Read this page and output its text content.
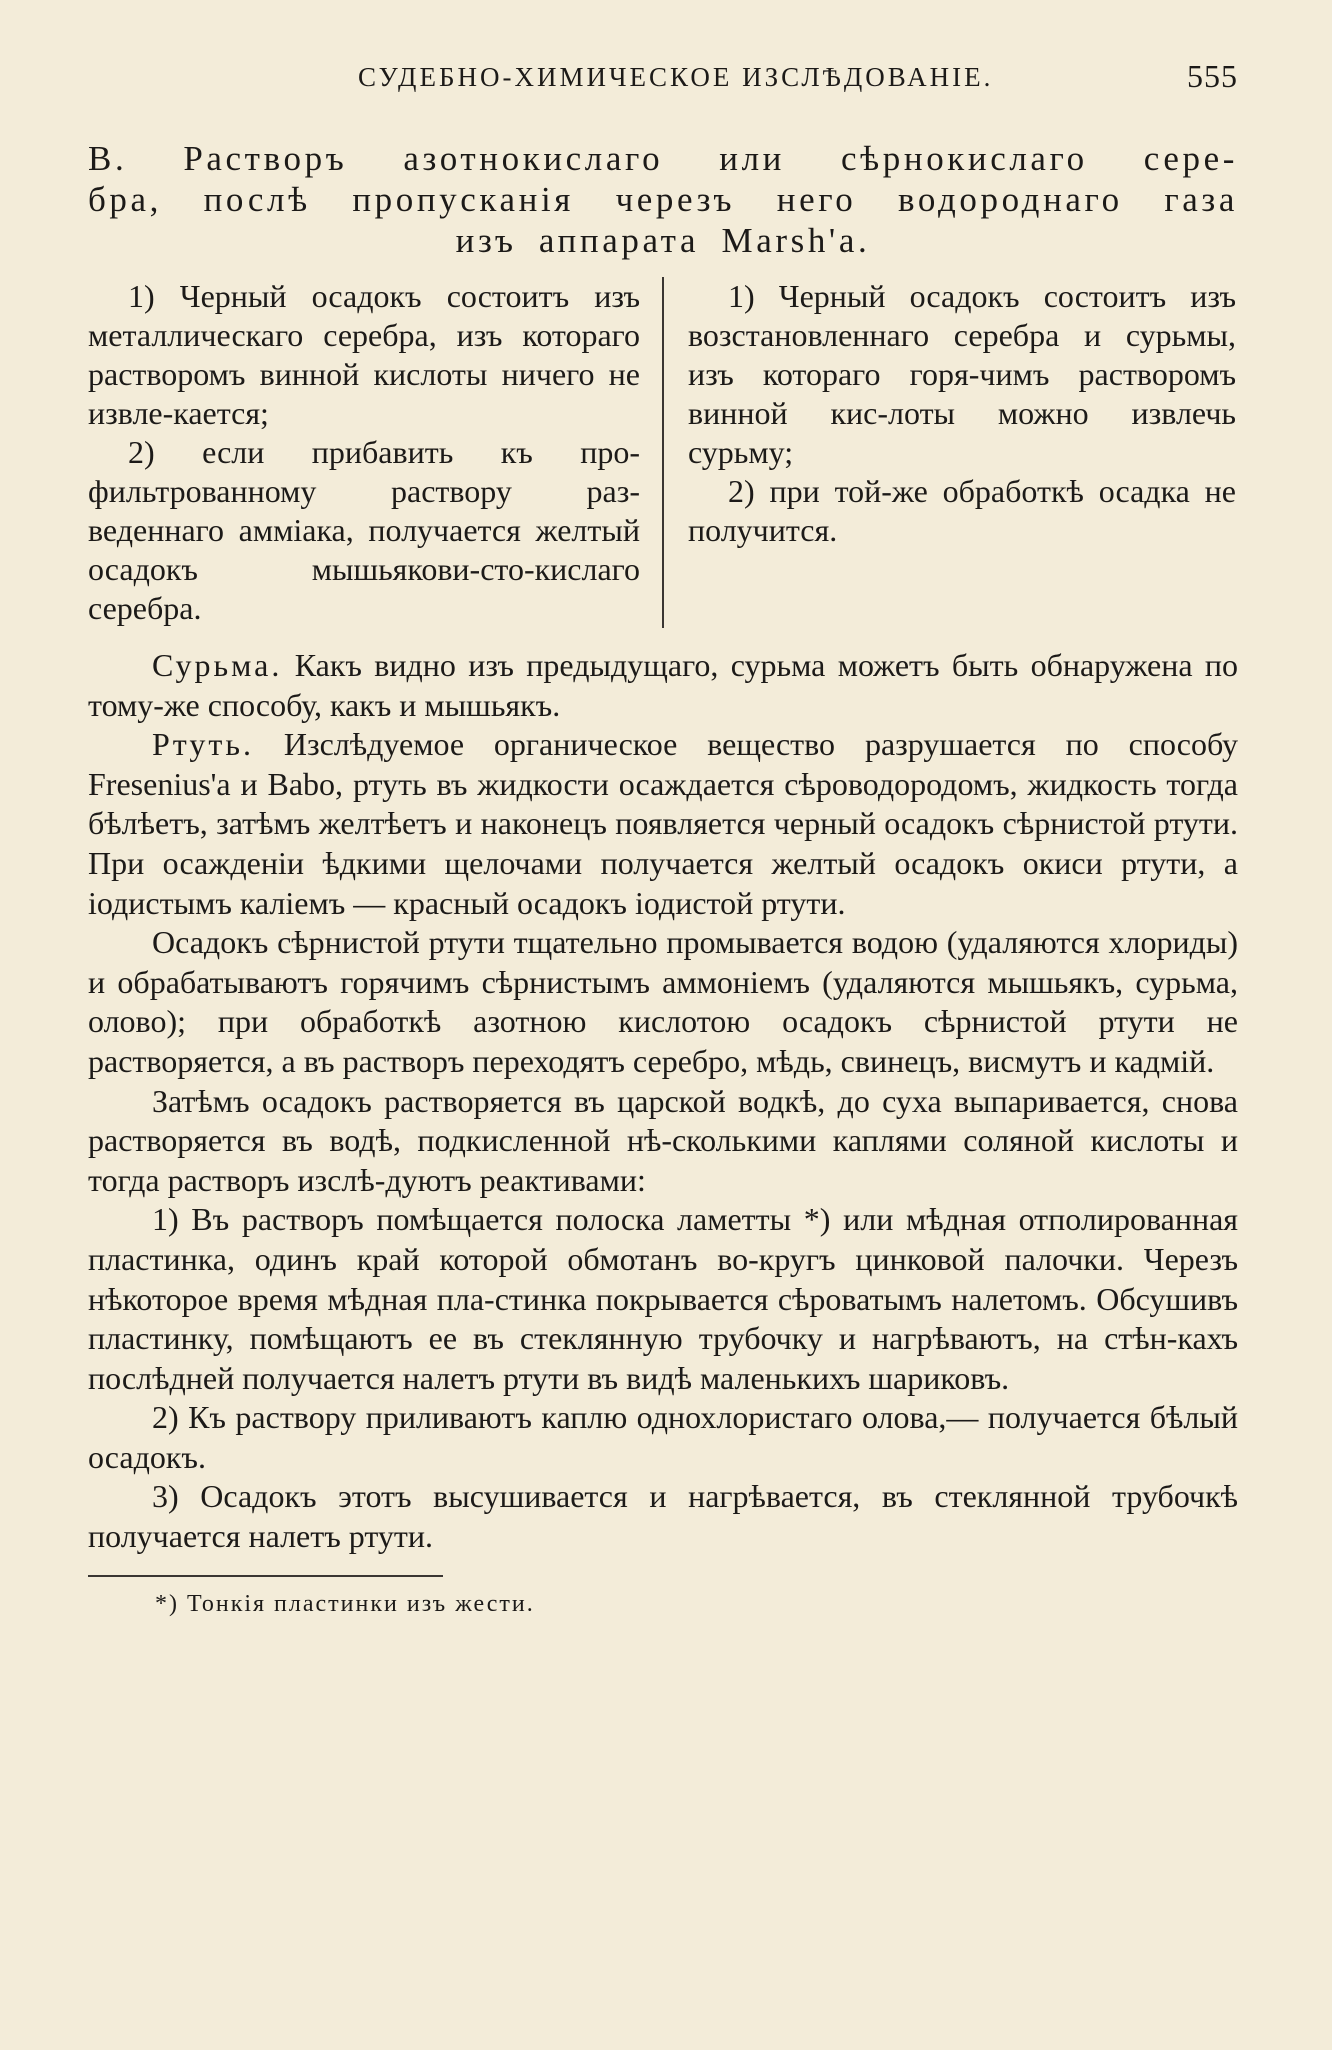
СУДЕБНО-ХИМИЧЕСКОЕ ИЗСЛѢДОВАНIЕ.	555
B. Растворъ азотнокислаго или сѣрнокислаго сере-
бра, послѣ пропусканія черезъ него водороднаго газа
изъ аппарата Marsh'a.

1) Черный осадокъ состоитъ изъ металлическаго серебра, изъ котораго растворомъ винной кислоты ничего не извле-кается;

2) если прибавить къ про-фильтрованному раствору раз-веденнаго амміака, получается желтый осадокъ мышьякови-сто-кислаго серебра.

1) Черный осадокъ состоитъ изъ возстановленнаго серебра и сурьмы, изъ котораго горя-чимъ растворомъ винной кис-лоты можно извлечь сурьму;

2) при той-же обработкѣ осадка не получится.

Сурьма. Какъ видно изъ предыдущаго, сурьма можетъ быть обнаружена по тому-же способу, какъ и мышьякъ.

Ртуть. Изслѣдуемое органическое вещество разрушается по способу Fresenius'a и Babo, ртуть въ жидкости осаждается сѣроводородомъ, жидкость тогда бѣлѣетъ, затѣмъ желтѣетъ и наконецъ появляется черный осадокъ сѣрнистой ртути. При осажденіи ѣдкими щелочами получается желтый осадокъ окиси ртути, а іодистымъ каліемъ — красный осадокъ іодистой ртути.

Осадокъ сѣрнистой ртути тщательно промывается водою (удаляются хлориды) и обрабатываютъ горячимъ сѣрнистымъ аммоніемъ (удаляются мышьякъ, сурьма, олово); при обработкѣ азотною кислотою осадокъ сѣрнистой ртути не растворяется, а въ растворъ переходятъ серебро, мѣдь, свинецъ, висмутъ и кадмій.

Затѣмъ осадокъ растворяется въ царской водкѣ, до суха выпаривается, снова растворяется въ водѣ, подкисленной нѣ-сколькими каплями соляной кислоты и тогда растворъ изслѣ-дуютъ реактивами:

1) Въ растворъ помѣщается полоска ламетты *) или мѣдная отполированная пластинка, одинъ край которой обмотанъ во-кругъ цинковой палочки. Черезъ нѣкоторое время мѣдная пла-стинка покрывается сѣроватымъ налетомъ. Обсушивъ пластинку, помѣщаютъ ее въ стеклянную трубочку и нагрѣваютъ, на стѣн-кахъ послѣдней получается налетъ ртути въ видѣ маленькихъ шариковъ.

2) Къ раствору приливаютъ каплю однохлористаго олова,— получается бѣлый осадокъ.

3) Осадокъ этотъ высушивается и нагрѣвается, въ стеклянной трубочкѣ получается налетъ ртути.

*) Тонкія пластинки изъ жести.
